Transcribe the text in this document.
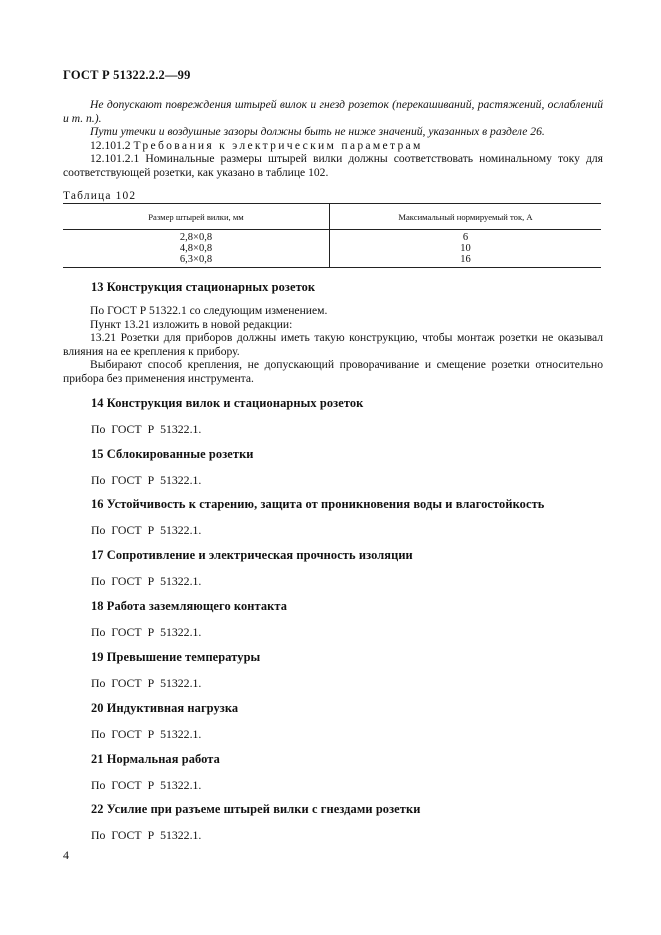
ГОСТ Р 51322.2.2—99
Не допускают повреждения штырей вилок и гнезд розеток (перекашиваний, растяжений, ослаблений и т. п.).
Пути утечки и воздушные зазоры должны быть не ниже значений, указанных в разделе 26.
12.101.2 Требования к электрическим параметрам
12.101.2.1 Номинальные размеры штырей вилки должны соответствовать номинальному току для соответствующей розетки, как указано в таблице 102.
Таблица 102
Размер штырей вилки, мм	Максимальный нормируемый ток, А
2,8×0,8	6
4,8×0,8	10
6,3×0,8	16
13 Конструкция стационарных розеток
По ГОСТ Р 51322.1 со следующим изменением.
Пункт 13.21 изложить в новой редакции:
13.21 Розетки для приборов должны иметь такую конструкцию, чтобы монтаж розетки не оказывал влияния на ее крепления к прибору.
Выбирают способ крепления, не допускающий проворачивание и смещение розетки относительно прибора без применения инструмента.
14 Конструкция вилок и стационарных розеток
По ГОСТ Р 51322.1.
15 Сблокированные розетки
По ГОСТ Р 51322.1.
16 Устойчивость к старению, защита от проникновения воды и влагостойкость
По ГОСТ Р 51322.1.
17 Сопротивление и электрическая прочность изоляции
По ГОСТ Р 51322.1.
18 Работа заземляющего контакта
По ГОСТ Р 51322.1.
19 Превышение температуры
По ГОСТ Р 51322.1.
20 Индуктивная нагрузка
По ГОСТ Р 51322.1.
21 Нормальная работа
По ГОСТ Р 51322.1.
22 Усилие при разъеме штырей вилки с гнездами розетки
По ГОСТ Р 51322.1.
4
